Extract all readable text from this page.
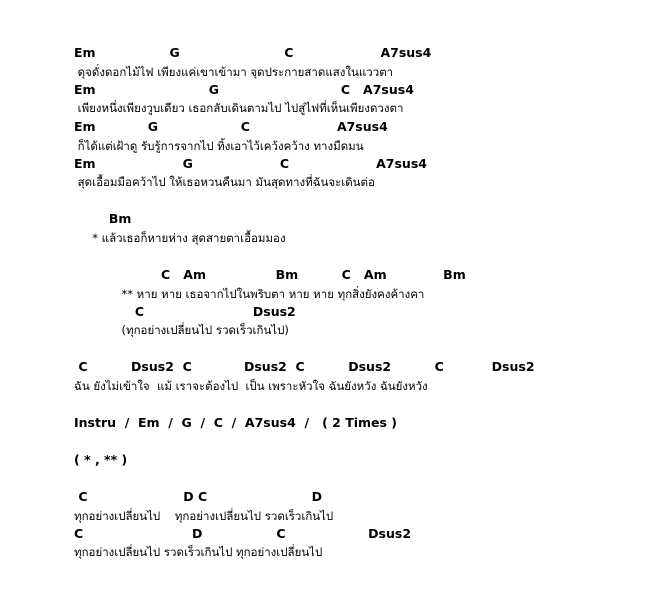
Em                 G                        C                    A7sus4
ดุจดั่งดอกไม้ไฟ เพียงแค่เขาเข้ามา จุดประกายสาดแสงในแววตา
Em                          G                            C   A7sus4
เพียงหนึ่งเพียงวูบเดียว เธอกลับเดินตามไป ไปสู่ไฟที่เห็นเพียงดวงตา
Em            G                   C                    A7sus4
ก็ได้แต่เฝ้าดู รับรู้การจากไป ทิ้งเอาไว้เคว้งคว้าง ทางมืดมน
Em                    G                    C                    A7sus4
สุดเอื้อมมือคว้าไป ให้เธอหวนคืนมา มันสุดทางที่ฉันจะเดินต่อ
Bm
* แล้วเธอก็หายห่าง สุดสายตาเอื้อมมอง
C   Am                Bm          C   Am             Bm
** หาย หาย เธอจากไปในพริบตา หาย หาย ทุกสิ่งยังคงค้างคา
C                         Dsus2
(ทุกอย่างเปลี่ยนไป รวดเร็วเกินไป)
C          Dsus2  C            Dsus2  C          Dsus2          C           Dsus2
ฉัน ยังไม่เข้าใจ  แม้ เราจะต้องไป  เป็น เพราะหัวใจ ฉันยังหวัง ฉันยังหวัง
Instru  /  Em  /  G  /  C  /  A7sus4  /   ( 2 Times )
( * , ** )
C                      D C                        D
ทุกอย่างเปลี่ยนไป    ทุกอย่างเปลี่ยนไป รวดเร็วเกินไป
C                         D                 C                   Dsus2
ทุกอย่างเปลี่ยนไป รวดเร็วเกินไป ทุกอย่างเปลี่ยนไป
